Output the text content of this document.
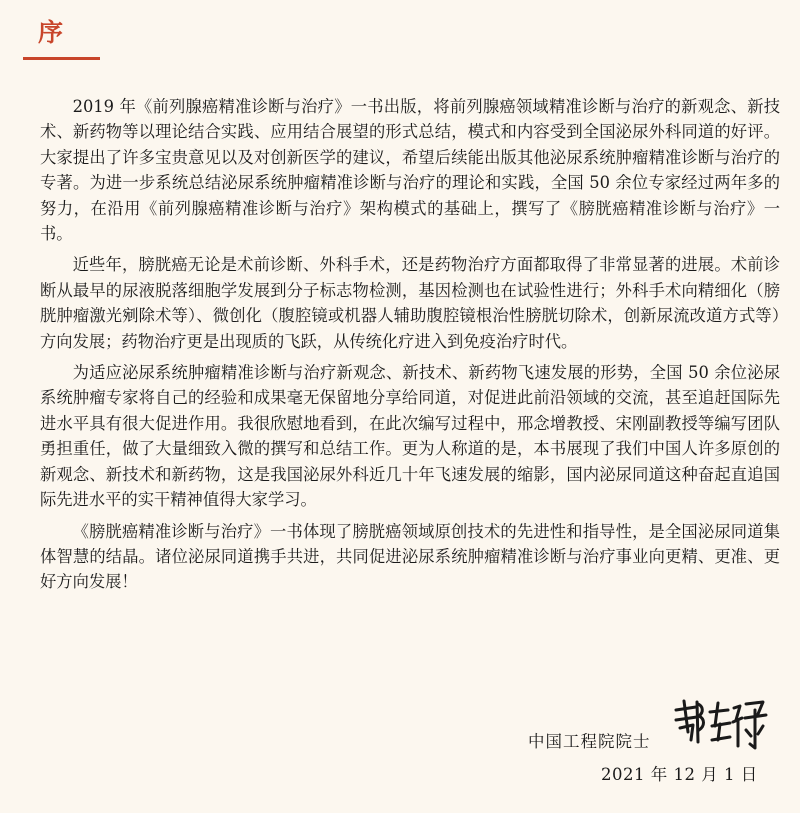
序

2019 年《前列腺癌精准诊断与治疗》一书出版，将前列腺癌领域精准诊断与治疗的新观念、新技术、新药物等以理论结合实践、应用结合展望的形式总结，模式和内容受到全国泌尿外科同道的好评。大家提出了许多宝贵意见以及对创新医学的建议，希望后续能出版其他泌尿系统肿瘤精准诊断与治疗的专著。为进一步系统总结泌尿系统肿瘤精准诊断与治疗的理论和实践，全国 50 余位专家经过两年多的努力，在沿用《前列腺癌精准诊断与治疗》架构模式的基础上，撰写了《膀胱癌精准诊断与治疗》一书。

近些年，膀胱癌无论是术前诊断、外科手术，还是药物治疗方面都取得了非常显著的进展。术前诊断从最早的尿液脱落细胞学发展到分子标志物检测，基因检测也在试验性进行；外科手术向精细化（膀胱肿瘤激光剜除术等）、微创化（腹腔镜或机器人辅助腹腔镜根治性膀胱切除术，创新尿流改道方式等）方向发展；药物治疗更是出现质的飞跃，从传统化疗进入到免疫治疗时代。

为适应泌尿系统肿瘤精准诊断与治疗新观念、新技术、新药物飞速发展的形势，全国 50 余位泌尿系统肿瘤专家将自己的经验和成果毫无保留地分享给同道，对促进此前沿领域的交流，甚至追赶国际先进水平具有很大促进作用。我很欣慰地看到，在此次编写过程中，邢念增教授、宋刚副教授等编写团队勇担重任，做了大量细致入微的撰写和总结工作。更为人称道的是，本书展现了我们中国人许多原创的新观念、新技术和新药物，这是我国泌尿外科近几十年飞速发展的缩影，国内泌尿同道这种奋起直追国际先进水平的实干精神值得大家学习。

《膀胱癌精准诊断与治疗》一书体现了膀胱癌领域原创技术的先进性和指导性，是全国泌尿同道集体智慧的结晶。诸位泌尿同道携手共进，共同促进泌尿系统肿瘤精准诊断与治疗事业向更精、更准、更好方向发展！

中国工程院院士
2021 年 12 月 1 日
